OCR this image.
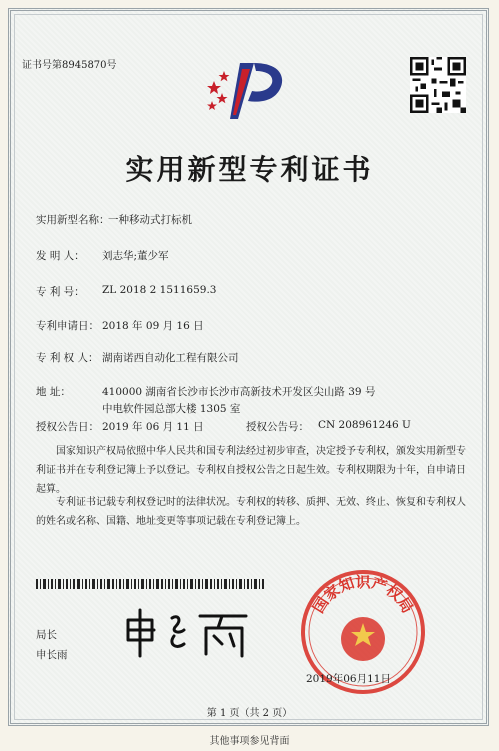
证书号第8945870号
实用新型专利证书
实用新型名称：
一种移动式打标机
发 明 人： 刘志华;董少军
专 利 号： ZL 2018 2 1511659.3
专利申请日： 2018 年 09 月 16 日
专 利 权 人： 湖南诺西自动化工程有限公司
地 址：	410000 湖南省长沙市长沙市高新技术开发区尖山路 39 号
中电软件园总部大楼 1305 室
授权公告日： 2019 年 06 月 11 日	授权公告号： CN 208961246 U
国家知识产权局依照中华人民共和国专利法经过初步审查，决定授予专利权，颁发实用新型专利证书并在专利登记簿上予以登记。专利权自授权公告之日起生效。专利权期限为十年，自申请日起算。
专利证书记载专利权登记时的法律状况。专利权的转移、质押、无效、终止、恢复和专利权人的姓名或名称、国籍、地址变更等事项记载在专利登记簿上。
局长
申长雨
国家知识产权局
2019年06月11日
第 1 页（共 2 页）
其他事项参见背面
